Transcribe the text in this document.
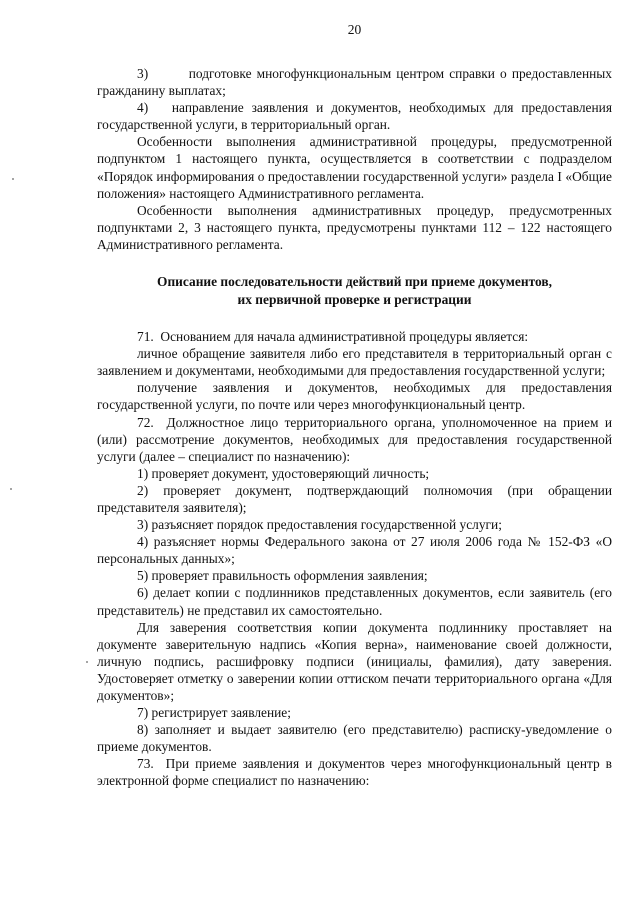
20

3)        подготовке многофункциональным центром справки о предоставленных гражданину выплатах;

4)   направление заявления и документов, необходимых для предоставления государственной услуги, в территориальный орган.

Особенности выполнения административной процедуры, предусмотренной подпунктом 1 настоящего пункта, осуществляется в соответствии с подразделом «Порядок информирования о предоставлении государственной услуги» раздела I «Общие положения» настоящего Административного регламента.

Особенности выполнения административных процедур, предусмотренных подпунктами 2, 3 настоящего пункта, предусмотрены пунктами 112 – 122 настоящего Административного регламента.

Описание последовательности действий при приеме документов,
их первичной проверке и регистрации

71.  Основанием для начала административной процедуры является:

личное обращение заявителя либо его представителя в территориальный орган с заявлением и документами, необходимыми для предоставления государственной услуги;

получение заявления и документов, необходимых для предоставления государственной услуги, по почте или через многофункциональный центр.

72.  Должностное лицо территориального органа, уполномоченное на прием и (или) рассмотрение документов, необходимых для предоставления государственной услуги (далее – специалист по назначению):

1) проверяет документ, удостоверяющий личность;

2) проверяет документ, подтверждающий полномочия (при обращении представителя заявителя);

3) разъясняет порядок предоставления государственной услуги;

4) разъясняет нормы Федерального закона от 27 июля 2006 года № 152-ФЗ «О персональных данных»;

5) проверяет правильность оформления заявления;

6) делает копии с подлинников представленных документов, если заявитель (его представитель) не представил их самостоятельно.

Для заверения соответствия копии документа подлиннику проставляет на документе заверительную надпись «Копия верна», наименование своей должности, личную подпись, расшифровку подписи (инициалы, фамилия), дату заверения. Удостоверяет отметку о заверении копии оттиском печати территориального органа «Для документов»;

7) регистрирует заявление;

8) заполняет и выдает заявителю (его представителю) расписку-уведомление о приеме документов.

73.  При приеме заявления и документов через многофункциональный центр в электронной форме специалист по назначению:
